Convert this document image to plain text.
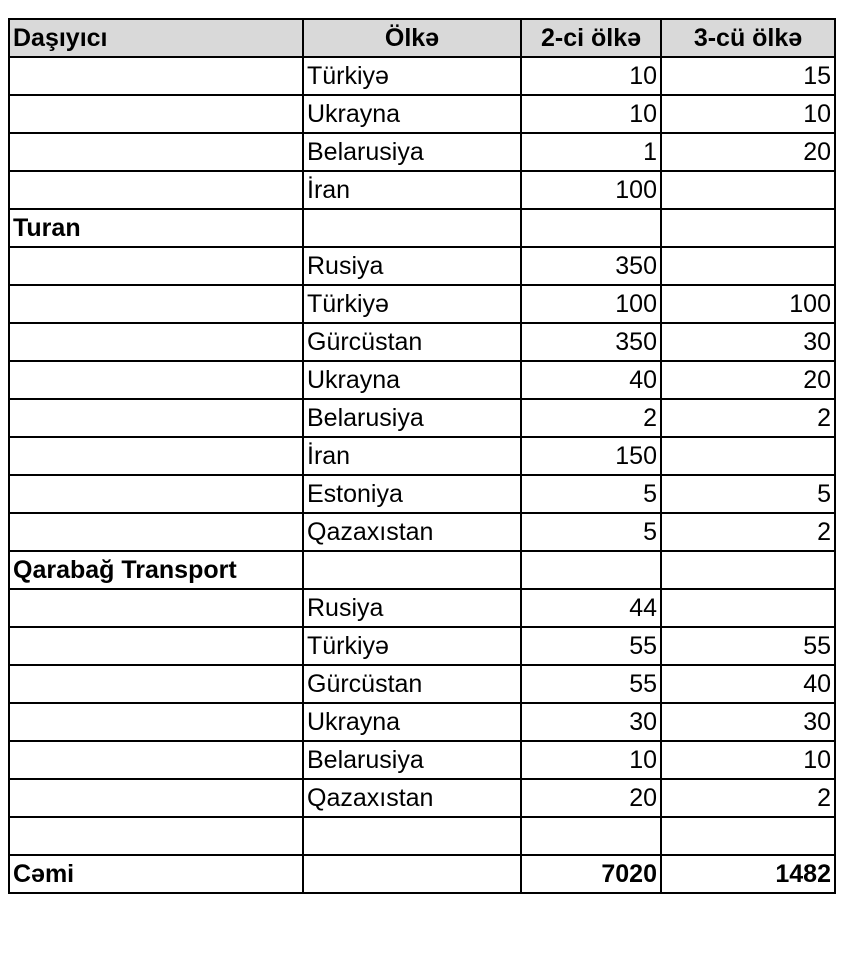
Daşıyıcı	Ölkə	2-ci ölkə	3-cü ölkə
	Türkiyə	10	15
	Ukrayna	10	10
	Belarusiya	1	20
	İran	100	
Turan			
	Rusiya	350	
	Türkiyə	100	100
	Gürcüstan	350	30
	Ukrayna	40	20
	Belarusiya	2	2
	İran	150	
	Estoniya	5	5
	Qazaxıstan	5	2
Qarabağ Transport			
	Rusiya	44	
	Türkiyə	55	55
	Gürcüstan	55	40
	Ukrayna	30	30
	Belarusiya	10	10
	Qazaxıstan	20	2

Cəmi		7020	1482
